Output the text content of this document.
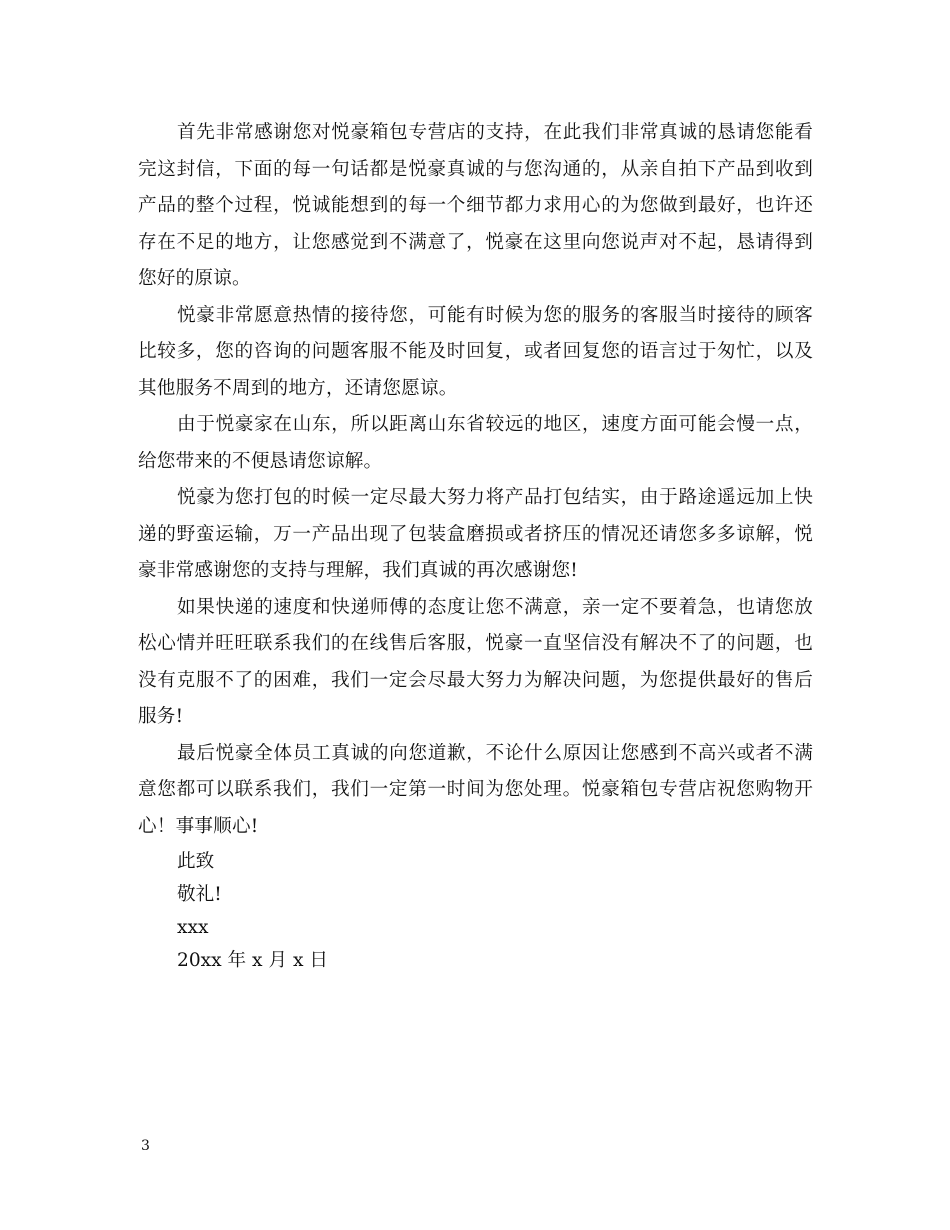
首先非常感谢您对悦豪箱包专营店的支持，在此我们非常真诚的恳请您能看完这封信，下面的每一句话都是悦豪真诚的与您沟通的，从亲自拍下产品到收到产品的整个过程，悦诚能想到的每一个细节都力求用心的为您做到最好，也许还存在不足的地方，让您感觉到不满意了，悦豪在这里向您说声对不起，恳请得到您好的原谅。

悦豪非常愿意热情的接待您，可能有时候为您的服务的客服当时接待的顾客比较多，您的咨询的问题客服不能及时回复，或者回复您的语言过于匆忙，以及其他服务不周到的地方，还请您愿谅。

由于悦豪家在山东，所以距离山东省较远的地区，速度方面可能会慢一点，给您带来的不便恳请您谅解。

悦豪为您打包的时候一定尽最大努力将产品打包结实，由于路途遥远加上快递的野蛮运输，万一产品出现了包装盒磨损或者挤压的情况还请您多多谅解，悦豪非常感谢您的支持与理解，我们真诚的再次感谢您!

如果快递的速度和快递师傅的态度让您不满意，亲一定不要着急，也请您放松心情并旺旺联系我们的在线售后客服，悦豪一直坚信没有解决不了的问题，也没有克服不了的困难，我们一定会尽最大努力为解决问题，为您提供最好的售后服务!

最后悦豪全体员工真诚的向您道歉，不论什么原因让您感到不高兴或者不满意您都可以联系我们，我们一定第一时间为您处理。悦豪箱包专营店祝您购物开心！事事顺心!

此致

敬礼!

xxx

20xx 年 x 月 x 日

3
